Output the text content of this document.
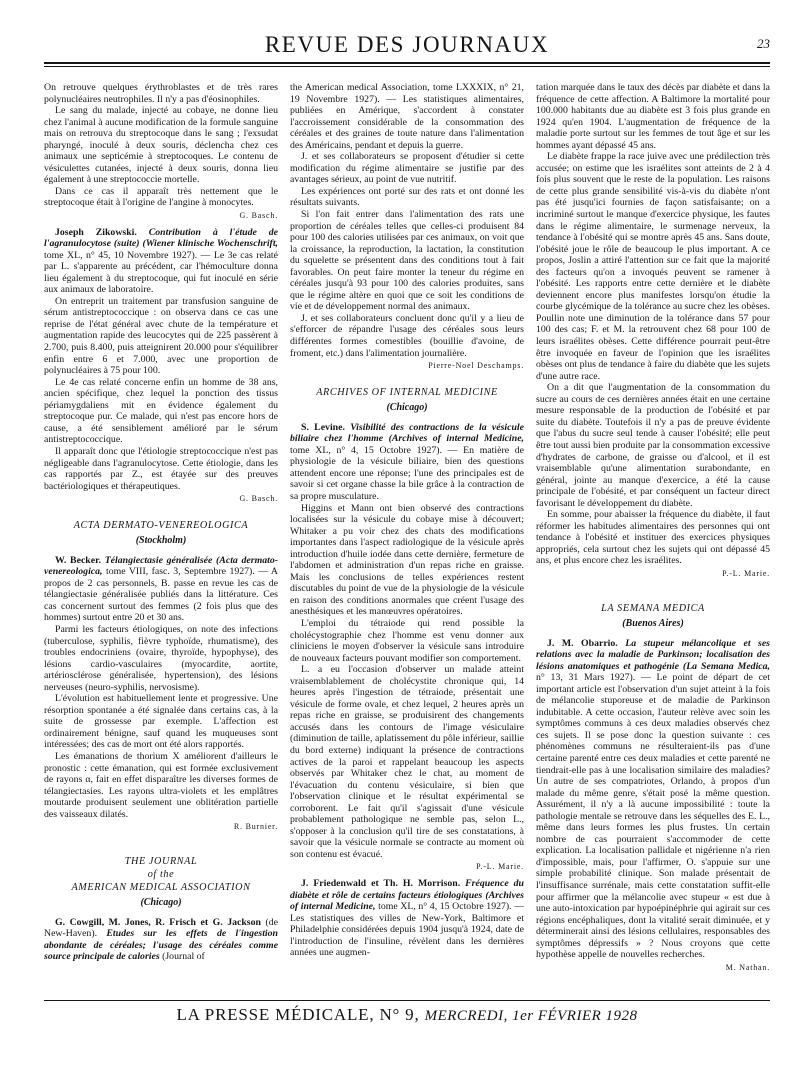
REVUE DES JOURNAUX	23

On retrouve quelques érythroblastes et de très rares polynucléaires neutrophiles. Il n'y a pas d'éosinophiles.

Le sang du malade, injecté au cobaye, ne donne lieu chez l'animal à aucune modification de la formule sanguine mais on retrouva du streptocoque dans le sang ; l'exsudat pharyngé, inoculé à deux souris, déclencha chez ces animaux une septicémie à streptocoques. Le contenu de vésiculettes cutanées, injecté à deux souris, donna lieu également à une streptococcie mortelle.

Dans ce cas il apparaît très nettement que le streptocoque était à l'origine de l'angine à monocytes.

G. Basch.

Joseph Zikowski. Contribution à l'étude de l'agranulocytose (suite) (Wiener klinische Wochenschrift, tome XL, n° 45, 10 Novembre 1927). — Le 3e cas relaté par L. s'apparente au précédent, car l'hémoculture donna lieu également à du streptocoque, qui fut inoculé en série aux animaux de laboratoire.

On entreprit un traitement par transfusion sanguine de sérum antistreptococcique : on observa dans ce cas une reprise de l'état général avec chute de la température et augmentation rapide des leucocytes qui de 225 passèrent à 2.700, puis 8.400, puis atteignirent 20.000 pour s'équilibrer enfin entre 6 et 7.000, avec une proportion de polynucléaires à 75 pour 100.

Le 4e cas relaté concerne enfin un homme de 38 ans, ancien spécifique, chez lequel la ponction des tissus périamygdaliens mit en évidence également du streptocoque pur. Ce malade, qui n'est pas encore hors de cause, a été sensiblement amélioré par le sérum antistreptococcique.

Il apparaît donc que l'étiologie streptococcique n'est pas négligeable dans l'agranulocytose. Cette étiologie, dans les cas rapportés par Z., est étayée sur des preuves bactériologiques et thérapeutiques.

G. Basch.
ACTA DERMATO-VENEREOLOGICA
(Stockholm)

W. Becker. Télangiectasie généralisée (Acta dermato-venereologica, tome VIII, fasc. 3, Septembre 1927). — A propos de 2 cas personnels, B. passe en revue les cas de télangiectasie généralisée publiés dans la littérature. Ces cas concernent surtout des femmes (2 fois plus que des hommes) surtout entre 20 et 30 ans.

Parmi les facteurs étiologiques, on note des infections (tuberculose, syphilis, fièvre typhoïde, rhumatisme), des troubles endocriniens (ovaire, thyroïde, hypophyse), des lésions cardio-vasculaires (myocardite, aortite, artériosclérose généralisée, hypertension), des lésions nerveuses (neuro-syphilis, nervosisme).

L'évolution est habituellement lente et progressive. Une résorption spontanée a été signalée dans certains cas, à la suite de grossesse par exemple. L'affection est ordinairement bénigne, sauf quand les muqueuses sont intéressées; des cas de mort ont été alors rapportés.

Les émanations de thorium X améliorent d'ailleurs le pronostic : cette émanation, qui est formée exclusivement de rayons α, fait en effet disparaître les diverses formes de télangiectasies. Les rayons ultra-violets et les emplâtres moutarde produisent seulement une oblitération partielle des vaisseaux dilatés.

R. Burnier.
THE JOURNAL
of the
AMERICAN MEDICAL ASSOCIATION
(Chicago)

G. Cowgill, M. Jones, R. Frisch et G. Jackson (de New-Haven). Etudes sur les effets de l'ingestion abondante de céréales; l'usage des céréales comme source principale de calories (Journal of

the American medical Association, tome LXXXIX, n° 21, 19 Novembre 1927). — Les statistiques alimentaires, publiées en Amérique, s'accordent à constater l'accroissement considérable de la consommation des céréales et des graines de toute nature dans l'alimentation des Américains, pendant et depuis la guerre.

J. et ses collaborateurs se proposent d'étudier si cette modification du régime alimentaire se justifie par des avantages sérieux, au point de vue nutritif.

Les expériences ont porté sur des rats et ont donné les résultats suivants.

Si l'on fait entrer dans l'alimentation des rats une proportion de céréales telles que celles-ci produisent 84 pour 100 des calories utilisées par ces animaux, on voit que la croissance, la reproduction, la lactation, la constitution du squelette se présentent dans des conditions tout à fait favorables. On peut faire monter la teneur du régime en céréales jusqu'à 93 pour 100 des calories produites, sans que le régime altère en quoi que ce soit les conditions de vie et de développement normal des animaux.

J. et ses collaborateurs concluent donc qu'il y a lieu de s'efforcer de répandre l'usage des céréales sous leurs différentes formes comestibles (bouillie d'avoine, de froment, etc.) dans l'alimentation journalière.

Pierre-Noel Deschamps.
ARCHIVES OF INTERNAL MEDICINE
(Chicago)

S. Levine. Visibilité des contractions de la vésicule biliaire chez l'homme (Archives of internal Medicine, tome XL, n° 4, 15 Octobre 1927). — En matière de physiologie de la vésicule biliaire, bien des questions attendent encore une réponse; l'une des principales est de savoir si cet organe chasse la bile grâce à la contraction de sa propre musculature.

Higgins et Mann ont bien observé des contractions localisées sur la vésicule du cobaye mise à découvert; Whitaker a pu voir chez des chats des modifications importantes dans l'aspect radiologique de la vésicule après introduction d'huile iodée dans cette dernière, fermeture de l'abdomen et administration d'un repas riche en graisse. Mais les conclusions de telles expériences restent discutables du point de vue de la physiologie de la vésicule en raison des conditions anormales que créent l'usage des anesthésiques et les manœuvres opératoires.

L'emploi du tétraiode qui rend possible la cholécystographie chez l'homme est venu donner aux cliniciens le moyen d'observer la vésicule sans introduire de nouveaux facteurs pouvant modifier son comportement.

L. a eu l'occasion d'observer un malade atteint vraisemblablement de cholécystite chronique qui, 14 heures après l'ingestion de tétraiode, présentait une vésicule de forme ovale, et chez lequel, 2 heures après un repas riche en graisse, se produisirent des changements accusés dans les contours de l'image vésiculaire (diminution de taille, aplatissement du pôle inférieur, saillie du bord externe) indiquant la présence de contractions actives de la paroi et rappelant beaucoup les aspects observés par Whitaker chez le chat, au moment de l'évacuation du contenu vésiculaire, si bien que l'observation clinique et le résultat expérimental se corroborent. Le fait qu'il s'agissait d'une vésicule probablement pathologique ne semble pas, selon L., s'opposer à la conclusion qu'il tire de ses constatations, à savoir que la vésicule normale se contracte au moment où son contenu est évacué.

P.-L. Marie.

J. Friedenwald et Th. H. Morrison. Fréquence du diabète et rôle de certains facteurs étiologiques (Archives of internal Medicine, tome XL, n° 4, 15 Octobre 1927). — Les statistiques des villes de New-York, Baltimore et Philadelphie considérées depuis 1904 jusqu'à 1924, date de l'introduction de l'insuline, révèlent dans les dernières années une augmen-

tation marquée dans le taux des décès par diabète et dans la fréquence de cette affection. A Baltimore la mortalité pour 100.000 habitants due au diabète est 3 fois plus grande en 1924 qu'en 1904. L'augmentation de fréquence de la maladie porte surtout sur les femmes de tout âge et sur les hommes ayant dépassé 45 ans.

Le diabète frappe la race juive avec une prédilection très accusée; on estime que les israélites sont atteints de 2 à 4 fois plus souvent que le reste de la population. Les raisons de cette plus grande sensibilité vis-à-vis du diabète n'ont pas été jusqu'ici fournies de façon satisfaisante; on a incriminé surtout le manque d'exercice physique, les fautes dans le régime alimentaire, le surmenage nerveux, la tendance à l'obésité qui se montre après 45 ans. Sans doute, l'obésité joue le rôle de beaucoup le plus important. A ce propos, Joslin a attiré l'attention sur ce fait que la majorité des facteurs qu'on a invoqués peuvent se ramener à l'obésité. Les rapports entre cette dernière et le diabète deviennent encore plus manifestes lorsqu'on étudie la courbe glycémique de la tolérance au sucre chez les obèses. Poullin note une diminution de la tolérance dans 57 pour 100 des cas; F. et M. la retrouvent chez 68 pour 100 de leurs israélites obèses. Cette différence pourrait peut-être être invoquée en faveur de l'opinion que les israélites obèses ont plus de tendance à faire du diabète que les sujets d'une autre race.

On a dit que l'augmentation de la consommation du sucre au cours de ces dernières années était en une certaine mesure responsable de la production de l'obésité et par suite du diabète. Toutefois il n'y a pas de preuve évidente que l'abus du sucre seul tende à causer l'obésité; elle peut être tout aussi bien produite par la consommation excessive d'hydrates de carbone, de graisse ou d'alcool, et il est vraisemblable qu'une alimentation surabondante, en général, jointe au manque d'exercice, a été la cause principale de l'obésité, et par conséquent un facteur direct favorisant le développement du diabète.

En somme, pour abaisser la fréquence du diabète, il faut réformer les habitudes alimentaires des personnes qui ont tendance à l'obésité et instituer des exercices physiques appropriés, cela surtout chez les sujets qui ont dépassé 45 ans, et plus encore chez les israélites.

P.-L. Marie.
LA SEMANA MEDICA
(Buenos Aires)

J. M. Obarrio. La stupeur mélancolique et ses relations avec la maladie de Parkinson; localisation des lésions anatomiques et pathogénie (La Semana Medica, n° 13, 31 Mars 1927). — Le point de départ de cet important article est l'observation d'un sujet atteint à la fois de mélancolie stuporeuse et de maladie de Parkinson indubitable. A cette occasion, l'auteur relève avec soin les symptômes communs à ces deux maladies observés chez ces sujets. Il se pose donc la question suivante : ces phénomènes communs ne résulteraient-ils pas d'une certaine parenté entre ces deux maladies et cette parenté ne tiendrait-elle pas à une localisation similaire des maladies? Un autre de ses compatriotes, Orlando, à propos d'un malade du même genre, s'était posé la même question. Assurément, il n'y a là aucune impossibilité : toute la pathologie mentale se retrouve dans les séquelles des E. L., même dans leurs formes les plus frustes. Un certain nombre de cas pourraient s'accommoder de cette explication. La localisation pallidale et nigérienne n'a rien d'impossible, mais, pour l'affirmer, O. s'appuie sur une simple probabilité clinique. Son malade présentait de l'insuffisance surrénale, mais cette constatation suffit-elle pour affirmer que la mélancolie avec stupeur « est due à une auto-intoxication par hypoépinéphrie qui agirait sur ces régions encéphaliques, dont la vitalité serait diminuée, et y déterminerait ainsi des lésions cellulaires, responsables des symptômes dépressifs » ? Nous croyons que cette hypothèse appelle de nouvelles recherches.

M. Nathan.
LA PRESSE MÉDICALE, N° 9, MERCREDI, 1er FÉVRIER 1928
